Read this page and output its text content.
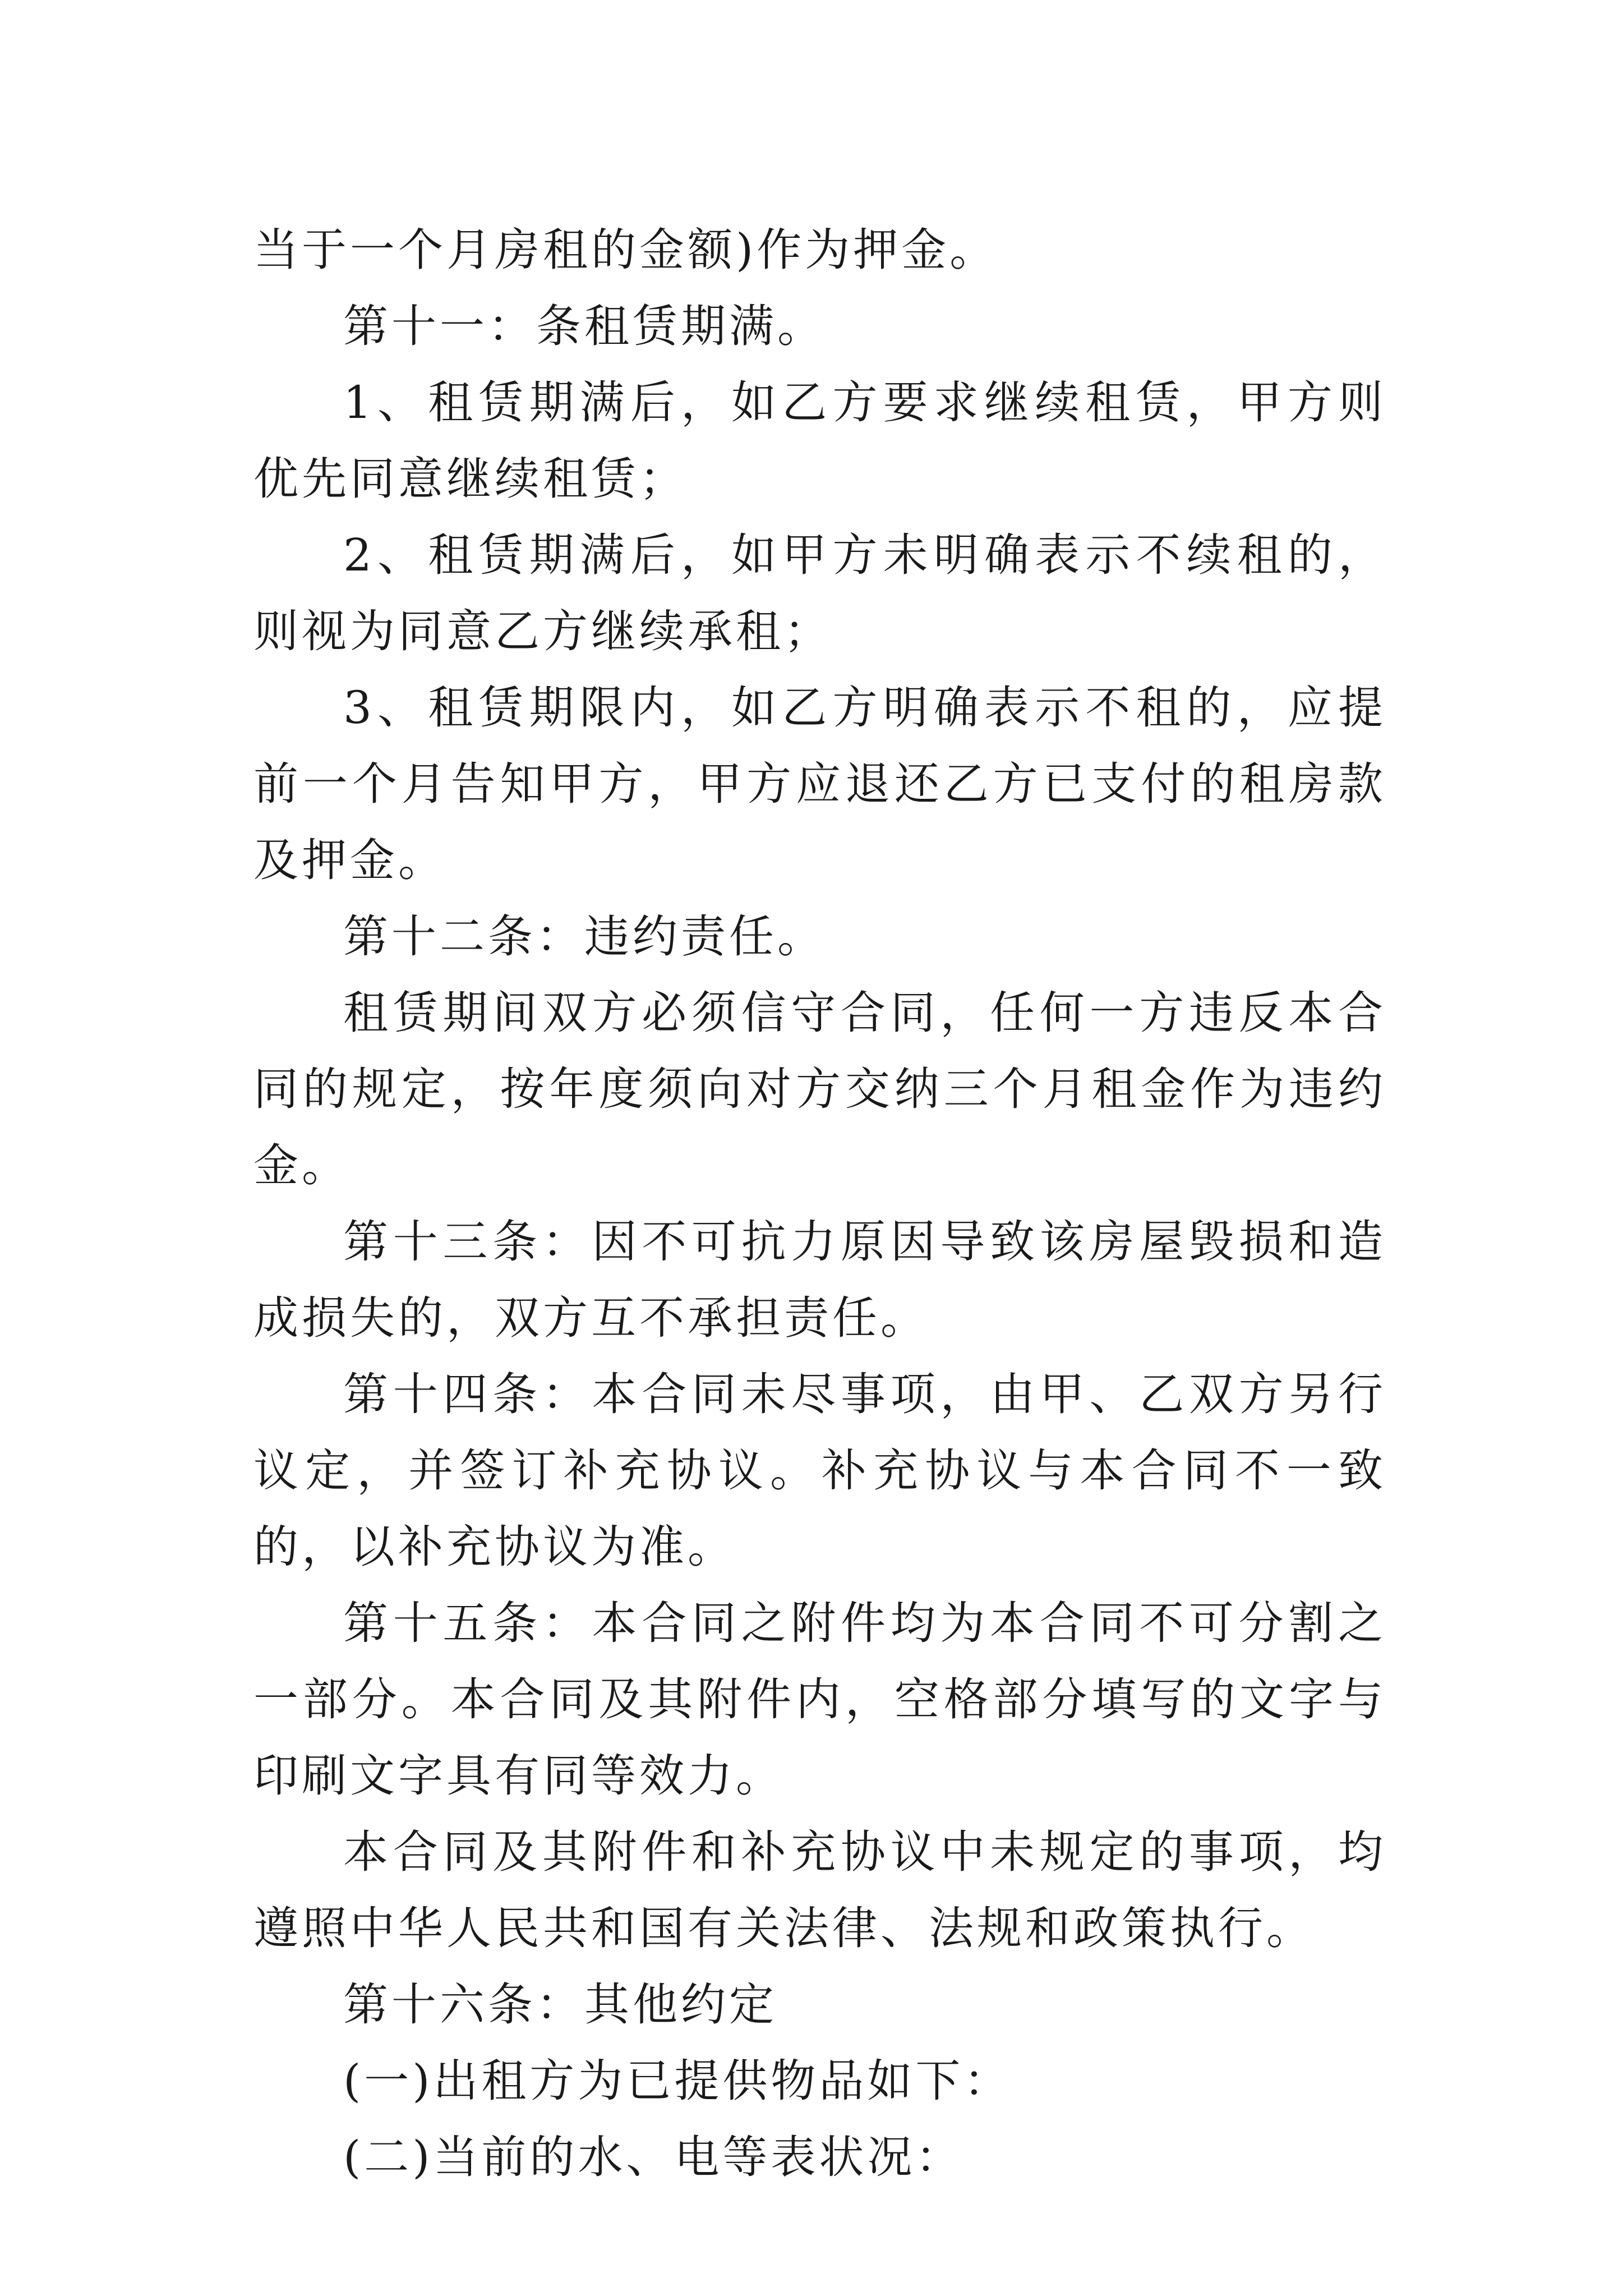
当于一个月房租的金额)作为押金。

第十一：条租赁期满。

1、租赁期满后，如乙方要求继续租赁，甲方则优先同意继续租赁；

2、租赁期满后，如甲方未明确表示不续租的，则视为同意乙方继续承租；

3、租赁期限内，如乙方明确表示不租的，应提前一个月告知甲方，甲方应退还乙方已支付的租房款及押金。

第十二条：违约责任。

租赁期间双方必须信守合同，任何一方违反本合同的规定，按年度须向对方交纳三个月租金作为违约金。

第十三条：因不可抗力原因导致该房屋毁损和造成损失的，双方互不承担责任。

第十四条：本合同未尽事项，由甲、乙双方另行议定，并签订补充协议。补充协议与本合同不一致的，以补充协议为准。

第十五条：本合同之附件均为本合同不可分割之一部分。本合同及其附件内，空格部分填写的文字与印刷文字具有同等效力。

本合同及其附件和补充协议中未规定的事项，均遵照中华人民共和国有关法律、法规和政策执行。

第十六条：其他约定

(一)出租方为已提供物品如下：

(二)当前的水、电等表状况：
